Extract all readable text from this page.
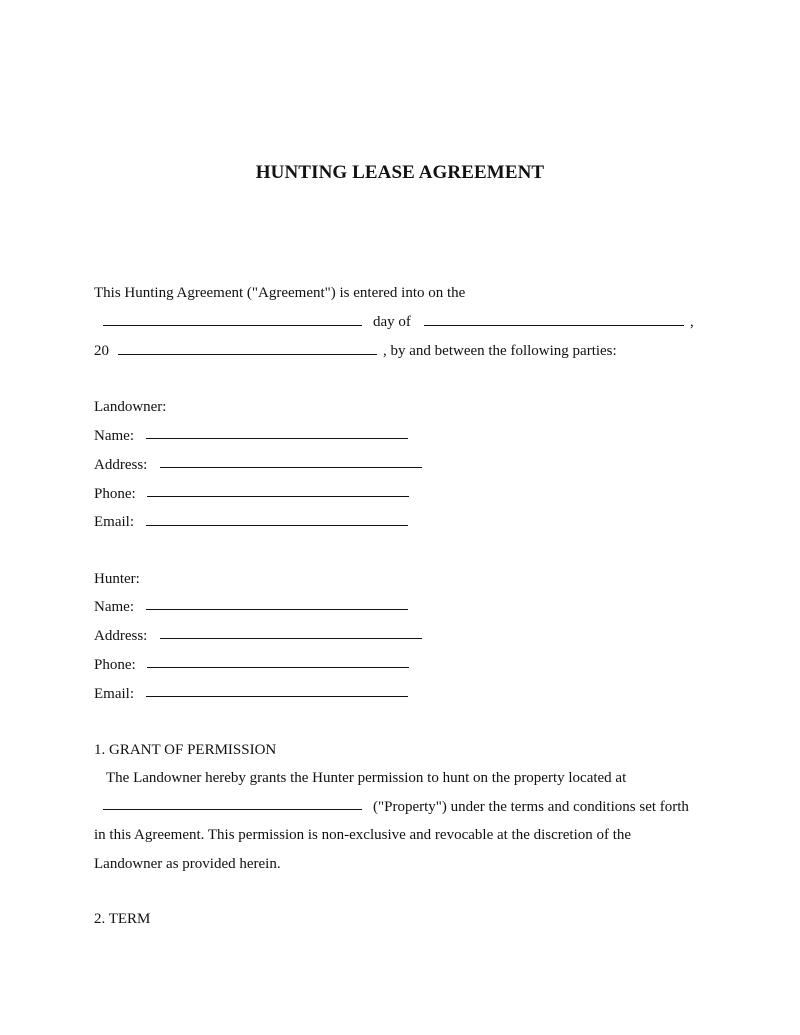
HUNTING LEASE AGREEMENT
This Hunting Agreement ("Agreement") is entered into on the
day of	,
20	, by and between the following parties:
Landowner:
Name:
Address:
Phone:
Email:
Hunter:
Name:
Address:
Phone:
Email:
1. GRANT OF PERMISSION
The Landowner hereby grants the Hunter permission to hunt on the property located at
("Property") under the terms and conditions set forth
in this Agreement. This permission is non-exclusive and revocable at the discretion of the
Landowner as provided herein.
2. TERM
